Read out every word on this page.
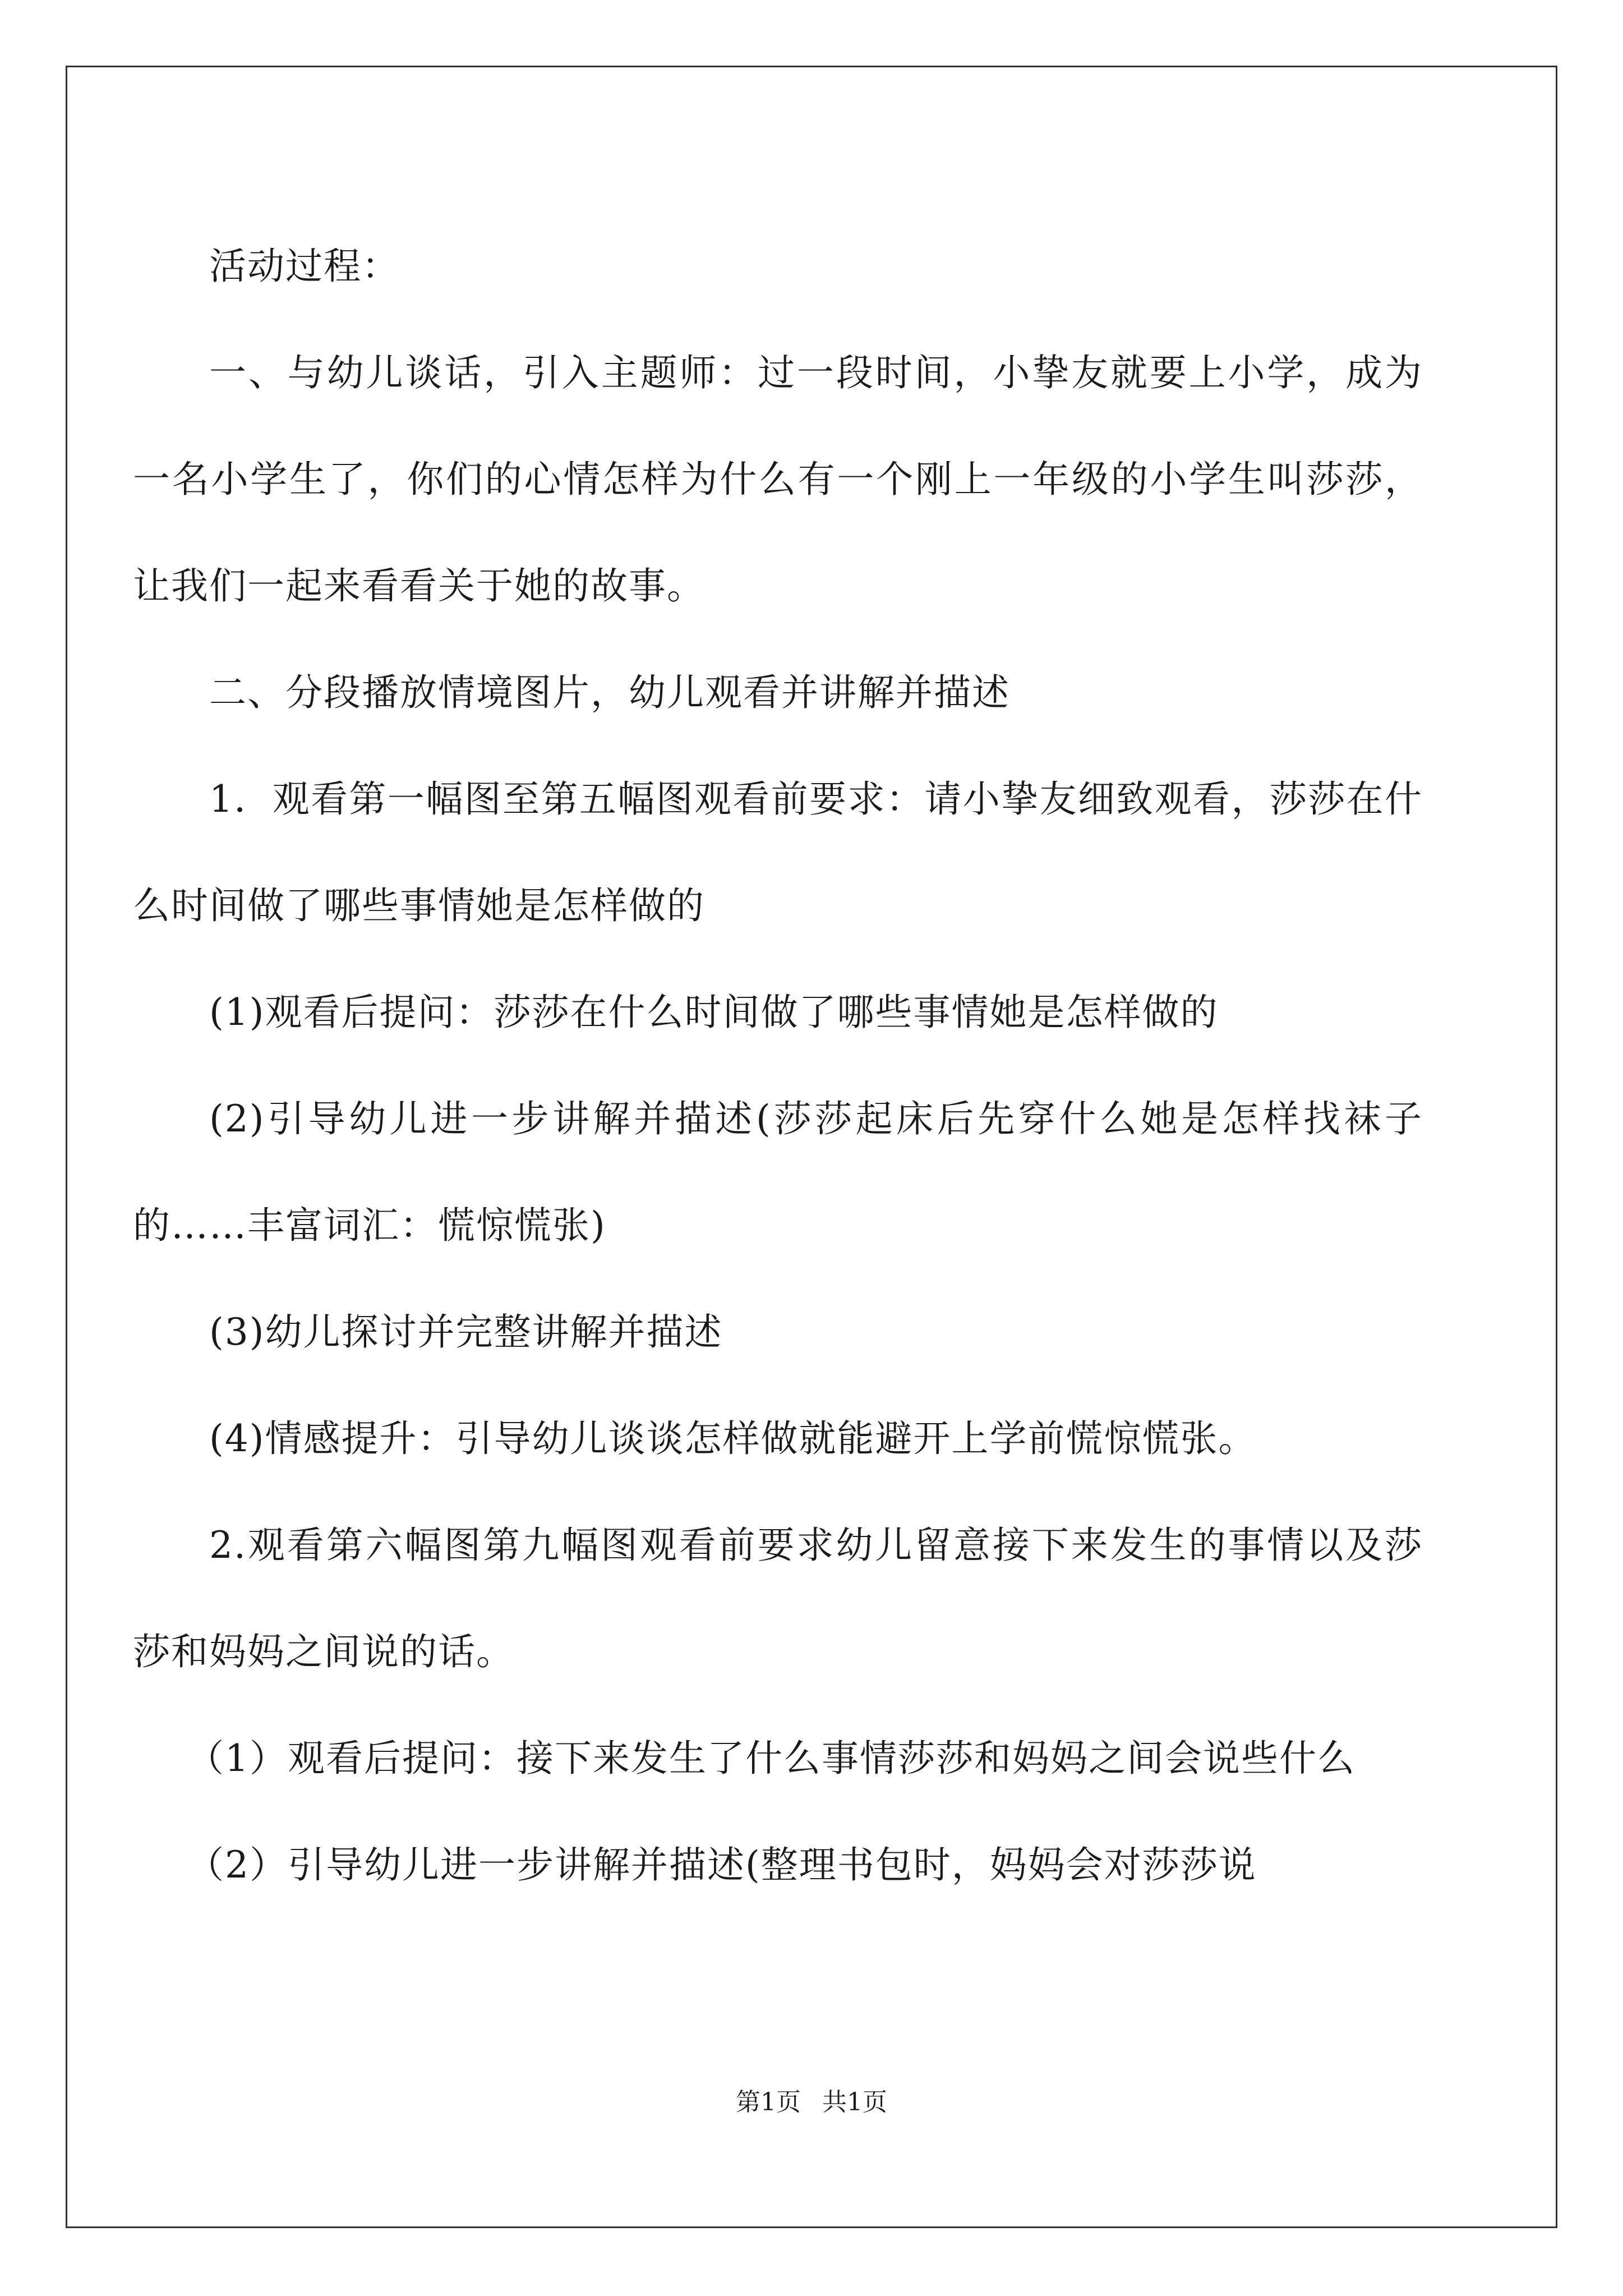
活动过程：

一、与幼儿谈话，引入主题师：过一段时间，小挚友就要上小学，成为一名小学生了，你们的心情怎样为什么有一个刚上一年级的小学生叫莎莎，让我们一起来看看关于她的故事。

二、分段播放情境图片，幼儿观看并讲解并描述

1．观看第一幅图至第五幅图观看前要求：请小挚友细致观看，莎莎在什么时间做了哪些事情她是怎样做的

(1)观看后提问：莎莎在什么时间做了哪些事情她是怎样做的

(2)引导幼儿进一步讲解并描述(莎莎起床后先穿什么她是怎样找袜子的……丰富词汇：慌惊慌张)

(3)幼儿探讨并完整讲解并描述

(4)情感提升：引导幼儿谈谈怎样做就能避开上学前慌惊慌张。

2.观看第六幅图第九幅图观看前要求幼儿留意接下来发生的事情以及莎莎和妈妈之间说的话。

（1）观看后提问：接下来发生了什么事情莎莎和妈妈之间会说些什么

（2）引导幼儿进一步讲解并描述(整理书包时，妈妈会对莎莎说

第1页 共1页
